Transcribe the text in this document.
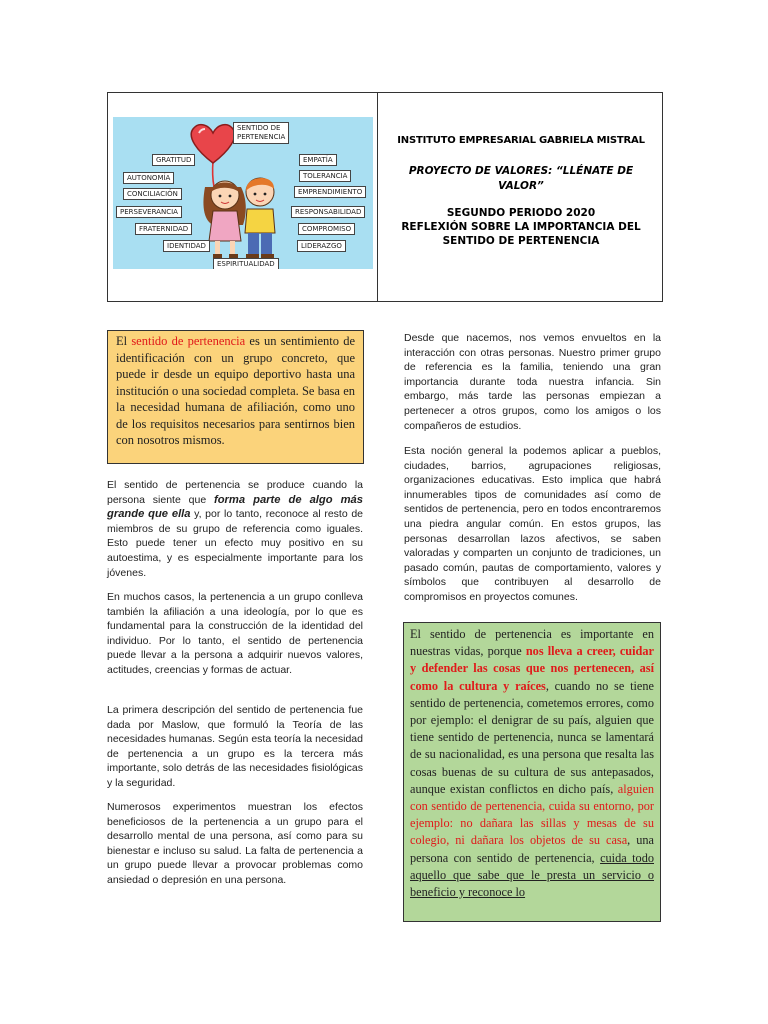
SENTIDO DE PERTENENCIA
GRATITUD
AUTONOMÍA
CONCILIACIÓN
PERSEVERANCIA
FRATERNIDAD
IDENTIDAD
EMPATÍA
TOLERANCIA
EMPRENDIMIENTO
RESPONSABILIDAD
COMPROMISO
LIDERAZGO
ESPIRITUALIDAD

INSTITUTO EMPRESARIAL GABRIELA MISTRAL

PROYECTO DE VALORES: “LLÉNATE DE VALOR”

SEGUNDO PERIODO 2020

REFLEXIÓN SOBRE LA IMPORTANCIA DEL SENTIDO DE PERTENENCIA

El sentido de pertenencia es un sentimiento de identificación con un grupo concreto, que puede ir desde un equipo deportivo hasta una institución o una sociedad completa. Se basa en la necesidad humana de afiliación, como uno de los requisitos necesarios para sentirnos bien con nosotros mismos.
El sentido de pertenencia se produce cuando la persona siente que forma parte de algo más grande que ella y, por lo tanto, reconoce al resto de miembros de su grupo de referencia como iguales. Esto puede tener un efecto muy positivo en su autoestima, y es especialmente importante para los jóvenes.
En muchos casos, la pertenencia a un grupo conlleva también la afiliación a una ideología, por lo que es fundamental para la construcción de la identidad del individuo. Por lo tanto, el sentido de pertenencia puede llevar a la persona a adquirir nuevos valores, actitudes, creencias y formas de actuar.
La primera descripción del sentido de pertenencia fue dada por Maslow, que formuló la Teoría de las necesidades humanas. Según esta teoría la necesidad de pertenencia a un grupo es la tercera más importante, solo detrás de las necesidades fisiológicas y la seguridad.
Numerosos experimentos muestran los efectos beneficiosos de la pertenencia a un grupo para el desarrollo mental de una persona, así como para su bienestar e incluso su salud. La falta de pertenencia a un grupo puede llevar a provocar problemas como ansiedad o depresión en una persona.
Desde que nacemos, nos vemos envueltos en la interacción con otras personas. Nuestro primer grupo de referencia es la familia, teniendo una gran importancia durante toda nuestra infancia. Sin embargo, más tarde las personas empiezan a pertenecer a otros grupos, como los amigos o los compañeros de estudios.
Esta noción general la podemos aplicar a pueblos, ciudades, barrios, agrupaciones religiosas, organizaciones educativas. Esto implica que habrá innumerables tipos de comunidades así como de sentidos de pertenencia, pero en todos encontraremos una piedra angular común. En estos grupos, las personas desarrollan lazos afectivos, se saben valoradas y comparten un conjunto de tradiciones, un pasado común, pautas de comportamiento, valores y símbolos que contribuyen al desarrollo de compromisos en proyectos comunes.
El sentido de pertenencia es importante en nuestras vidas, porque nos lleva a creer, cuidar y defender las cosas que nos pertenecen, así como la cultura y raíces, cuando no se tiene sentido de pertenencia, cometemos errores, como por ejemplo: el denigrar de su país, alguien que tiene sentido de pertenencia, nunca se lamentará de su nacionalidad, es una persona que resalta las cosas buenas de su cultura de sus antepasados, aunque existan conflictos en dicho país, alguien con sentido de pertenencia, cuida su entorno, por ejemplo: no dañara las sillas y mesas de su colegio, ni dañara los objetos de su casa, una persona con sentido de pertenencia, cuida todo aquello que sabe que le presta un servicio o beneficio y reconoce lo
